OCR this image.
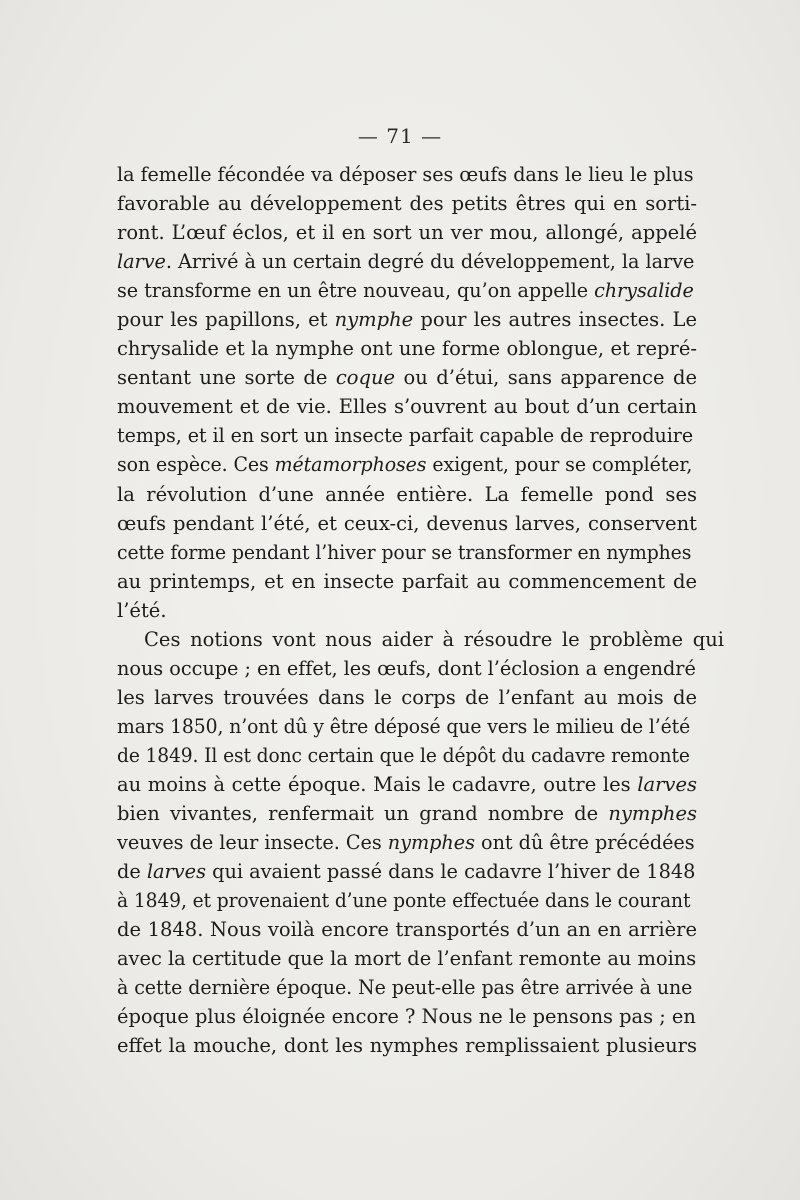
— 71 —
la femelle fécondée va déposer ses œufs dans le lieu le plus
favorable au développement des petits êtres qui en sorti-
ront. L’œuf éclos, et il en sort un ver mou, allongé, appelé
larve. Arrivé à un certain degré du développement, la larve
se transforme en un être nouveau, qu’on appelle chrysalide
pour les papillons, et nymphe pour les autres insectes. Le
chrysalide et la nymphe ont une forme oblongue, et repré-
sentant une sorte de coque ou d’étui, sans apparence de
mouvement et de vie. Elles s’ouvrent au bout d’un certain
temps, et il en sort un insecte parfait capable de reproduire
son espèce. Ces métamorphoses exigent, pour se compléter,
la révolution d’une année entière. La femelle pond ses
œufs pendant l’été, et ceux-ci, devenus larves, conservent
cette forme pendant l’hiver pour se transformer en nymphes
au printemps, et en insecte parfait au commencement de
l’été.
Ces notions vont nous aider à résoudre le problème qui
nous occupe ; en effet, les œufs, dont l’éclosion a engendré
les larves trouvées dans le corps de l’enfant au mois de
mars 1850, n’ont dû y être déposé que vers le milieu de l’été
de 1849. Il est donc certain que le dépôt du cadavre remonte
au moins à cette époque. Mais le cadavre, outre les larves
bien vivantes, renfermait un grand nombre de nymphes
veuves de leur insecte. Ces nymphes ont dû être précédées
de larves qui avaient passé dans le cadavre l’hiver de 1848
à 1849, et provenaient d’une ponte effectuée dans le courant
de 1848. Nous voilà encore transportés d’un an en arrière
avec la certitude que la mort de l’enfant remonte au moins
à cette dernière époque. Ne peut-elle pas être arrivée à une
époque plus éloignée encore ? Nous ne le pensons pas ; en
effet la mouche, dont les nymphes remplissaient plusieurs
